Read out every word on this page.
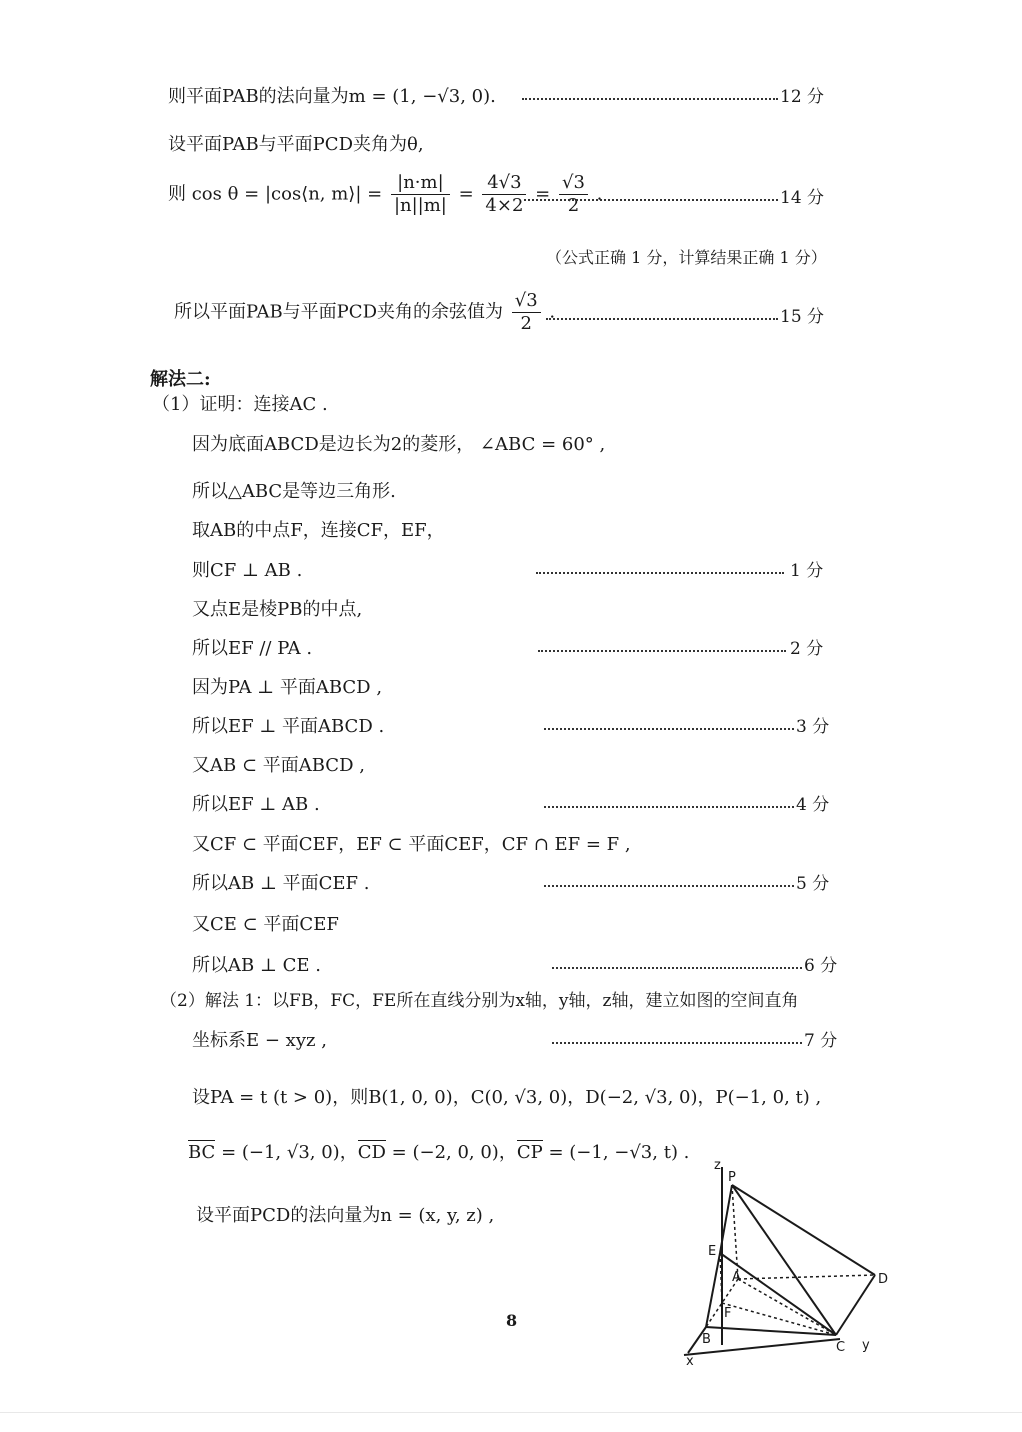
则平面PAB的法向量为m = (1, −√3, 0).	12 分
设平面PAB与平面PCD夹角为θ,
则 cos θ = |cos⟨n, m⟩| = $\frac{|n\cdot m|}{|n||m|} = \frac{4√3}{4\times 2} = \frac{√3}{2}$ .	14 分
（公式正确 1 分，计算结果正确 1 分）
所以平面PAB与平面PCD夹角的余弦值为 $\frac{√3}{2}$ .	15 分
解法二:
（1）证明：连接AC .
因为底面ABCD是边长为2的菱形， ∠ABC = 60° ,
所以△ABC是等边三角形.
取AB的中点F，连接CF，EF，
则CF ⊥ AB .	1 分
又点E是棱PB的中点,
所以EF // PA .	2 分
因为PA ⊥ 平面ABCD ,
所以EF ⊥ 平面ABCD .	3 分
又AB ⊂ 平面ABCD ,
所以EF ⊥ AB .	4 分
又CF ⊂ 平面CEF，EF ⊂ 平面CEF，CF ∩ EF = F ,
所以AB ⊥ 平面CEF .	5 分
又CE ⊂ 平面CEF
所以AB ⊥ CE .	6 分
（2）解法 1：以FB，FC，FE所在直线分别为x轴，y轴，z轴，建立如图的空间直角
坐标系E − xyz ,	7 分
设PA = t (t > 0)，则B(1, 0, 0)，C(0, √3, 0)，D(−2, √3, 0)，P(−1, 0, t) ,
BC = (−1, √3, 0)，CD = (−2, 0, 0)，CP = (−1, −√3, t) .
设平面PCD的法向量为n = (x, y, z) ,
z
P
E
A	D
F
B
C
x
y
8
